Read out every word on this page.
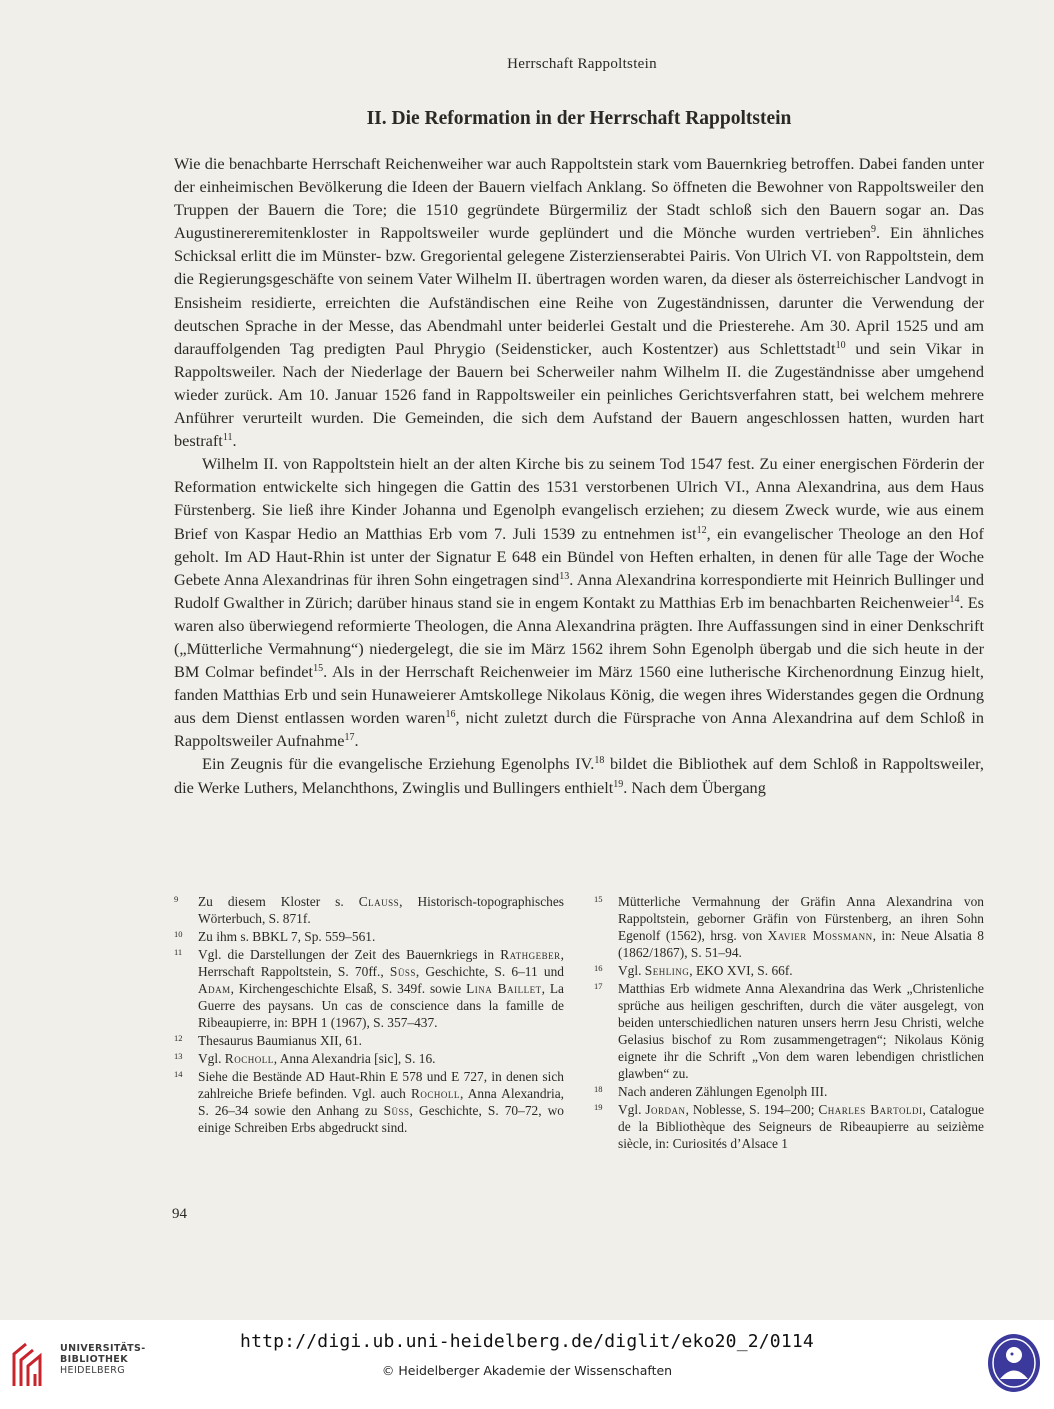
Herrschaft Rappoltstein
II. Die Reformation in der Herrschaft Rappoltstein

Wie die benachbarte Herrschaft Reichenweiher war auch Rappoltstein stark vom Bauernkrieg betroffen. Dabei fanden unter der einheimischen Bevölkerung die Ideen der Bauern vielfach Anklang. So öffneten die Bewohner von Rappoltsweiler den Truppen der Bauern die Tore; die 1510 gegründete Bürgermiliz der Stadt schloß sich den Bauern sogar an. Das Augustinereremitenkloster in Rappoltsweiler wurde geplündert und die Mönche wurden vertrieben$^9$. Ein ähnliches Schicksal erlitt die im Münster- bzw. Gregoriental gelegene Zisterzienserabtei Pairis. Von Ulrich VI. von Rappoltstein, dem die Regierungsgeschäfte von seinem Vater Wilhelm II. übertragen worden waren, da dieser als österreichischer Landvogt in Ensisheim residierte, erreichten die Aufständischen eine Reihe von Zugeständnissen, darunter die Verwendung der deutschen Sprache in der Messe, das Abendmahl unter beiderlei Gestalt und die Priesterehe. Am 30. April 1525 und am darauffolgenden Tag predigten Paul Phrygio (Seidensticker, auch Kostentzer) aus Schlettstadt$^{10}$ und sein Vikar in Rappoltsweiler. Nach der Niederlage der Bauern bei Scherweiler nahm Wilhelm II. die Zugeständnisse aber umgehend wieder zurück. Am 10. Januar 1526 fand in Rappoltsweiler ein peinliches Gerichtsverfahren statt, bei welchem mehrere Anführer verurteilt wurden. Die Gemeinden, die sich dem Aufstand der Bauern angeschlossen hatten, wurden hart bestraft$^{11}$.

Wilhelm II. von Rappoltstein hielt an der alten Kirche bis zu seinem Tod 1547 fest. Zu einer energischen Förderin der Reformation entwickelte sich hingegen die Gattin des 1531 verstorbenen Ulrich VI., Anna Alexandrina, aus dem Haus Fürstenberg. Sie ließ ihre Kinder Johanna und Egenolph evangelisch erziehen; zu diesem Zweck wurde, wie aus einem Brief von Kaspar Hedio an Matthias Erb vom 7. Juli 1539 zu entnehmen ist$^{12}$, ein evangelischer Theologe an den Hof geholt. Im AD Haut-Rhin ist unter der Signatur E 648 ein Bündel von Heften erhalten, in denen für alle Tage der Woche Gebete Anna Alexandrinas für ihren Sohn eingetragen sind$^{13}$. Anna Alexandrina korrespondierte mit Heinrich Bullinger und Rudolf Gwalther in Zürich; darüber hinaus stand sie in engem Kontakt zu Matthias Erb im benachbarten Reichenweier$^{14}$. Es waren also überwiegend reformierte Theologen, die Anna Alexandrina prägten. Ihre Auffassungen sind in einer Denkschrift („Mütterliche Vermahnung“) niedergelegt, die sie im März 1562 ihrem Sohn Egenolph übergab und die sich heute in der BM Colmar befindet$^{15}$. Als in der Herrschaft Reichenweier im März 1560 eine lutherische Kirchenordnung Einzug hielt, fanden Matthias Erb und sein Hunaweierer Amtskollege Nikolaus König, die wegen ihres Widerstandes gegen die Ordnung aus dem Dienst entlassen worden waren$^{16}$, nicht zuletzt durch die Fürsprache von Anna Alexandrina auf dem Schloß in Rappoltsweiler Aufnahme$^{17}$.

Ein Zeugnis für die evangelische Erziehung Egenolphs IV.$^{18}$ bildet die Bibliothek auf dem Schloß in Rappoltsweiler, die Werke Luthers, Melanchthons, Zwinglis und Bullingers enthielt$^{19}$. Nach dem Übergang

9	Zu diesem Kloster s. Clauss, Historisch-topographisches Wörterbuch, S. 871f.
10	Zu ihm s. BBKL 7, Sp. 559–561.
11	Vgl. die Darstellungen der Zeit des Bauernkriegs in Rathgeber, Herrschaft Rappoltstein, S. 70ff., Süss, Geschichte, S. 6–11 und Adam, Kirchengeschichte Elsaß, S. 349f. sowie Lina Baillet, La Guerre des paysans. Un cas de conscience dans la famille de Ribeaupierre, in: BPH 1 (1967), S. 357–437.
12	Thesaurus Baumianus XII, 61.
13	Vgl. Rocholl, Anna Alexandria [sic], S. 16.
14	Siehe die Bestände AD Haut-Rhin E 578 und E 727, in denen sich zahlreiche Briefe befinden. Vgl. auch Rocholl, Anna Alexandria, S. 26–34 sowie den Anhang zu Süss, Geschichte, S. 70–72, wo einige Schreiben Erbs abgedruckt sind.
15	Mütterliche Vermahnung der Gräfin Anna Alexandrina von Rappoltstein, geborner Gräfin von Fürstenberg, an ihren Sohn Egenolf (1562), hrsg. von Xavier Mossmann, in: Neue Alsatia 8 (1862/1867), S. 51–94.
16	Vgl. Sehling, EKO XVI, S. 66f.
17	Matthias Erb widmete Anna Alexandrina das Werk „Christenliche sprüche aus heiligen geschriften, durch die väter ausgelegt, von beiden unterschiedlichen naturen unsers herrn Jesu Christi, welche Gelasius bischof zu Rom zusammengetragen“; Nikolaus König eignete ihr die Schrift „Von dem waren lebendigen christlichen glawben“ zu.
18	Nach anderen Zählungen Egenolph III.
19	Vgl. Jordan, Noblesse, S. 194–200; Charles Bartoldi, Catalogue de la Bibliothèque des Seigneurs de Ribeaupierre au seizième siècle, in: Curiosités d’Alsace 1
94
UNIVERSITÄTS-
BIBLIOTHEK
HEIDELBERG
http://digi.ub.uni-heidelberg.de/diglit/eko20_2/0114
© Heidelberger Akademie der Wissenschaften
